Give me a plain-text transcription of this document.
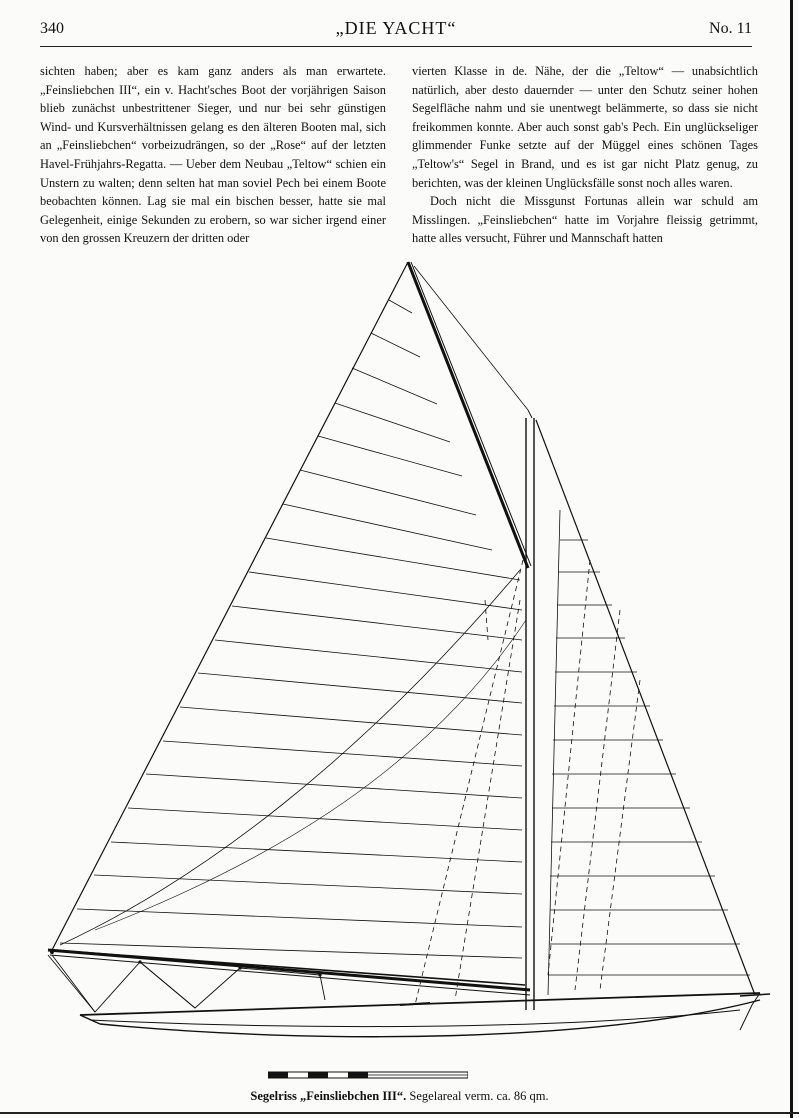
340	„DIE YACHT“	No. 11

sichten haben; aber es kam ganz anders als man erwartete. „Feinsliebchen III“, ein v. Hacht'sches Boot der vorjährigen Saison blieb zunächst unbestrittener Sieger, und nur bei sehr günstigen Wind- und Kursverhältnissen gelang es den älteren Booten mal, sich an „Feinsliebchen“ vorbeizudrängen, so der „Rose“ auf der letzten Havel-Frühjahrs-Regatta. — Ueber dem Neubau „Teltow“ schien ein Unstern zu walten; denn selten hat man soviel Pech bei einem Boote beobachten können. Lag sie mal ein bischen besser, hatte sie mal Gelegenheit, einige Sekunden zu erobern, so war sicher irgend einer von den grossen Kreuzern der dritten oder

vierten Klasse in de. Nähe, der die „Teltow“ — unabsichtlich natürlich, aber desto dauernder — unter den Schutz seiner hohen Segelfläche nahm und sie unentwegt belämmerte, so dass sie nicht freikommen konnte. Aber auch sonst gab's Pech. Ein unglückseliger glimmender Funke setzte auf der Müggel eines schönen Tages „Teltow's“ Segel in Brand, und es ist gar nicht Platz genug, zu berichten, was der kleinen Unglücksfälle sonst noch alles waren.

Doch nicht die Missgunst Fortunas allein war schuld am Misslingen. „Feinsliebchen“ hatte im Vorjahre fleissig getrimmt, hatte alles versucht, Führer und Mannschaft hatten

Segelriss „Feinsliebchen III“. Segelareal verm. ca. 86 qm.
